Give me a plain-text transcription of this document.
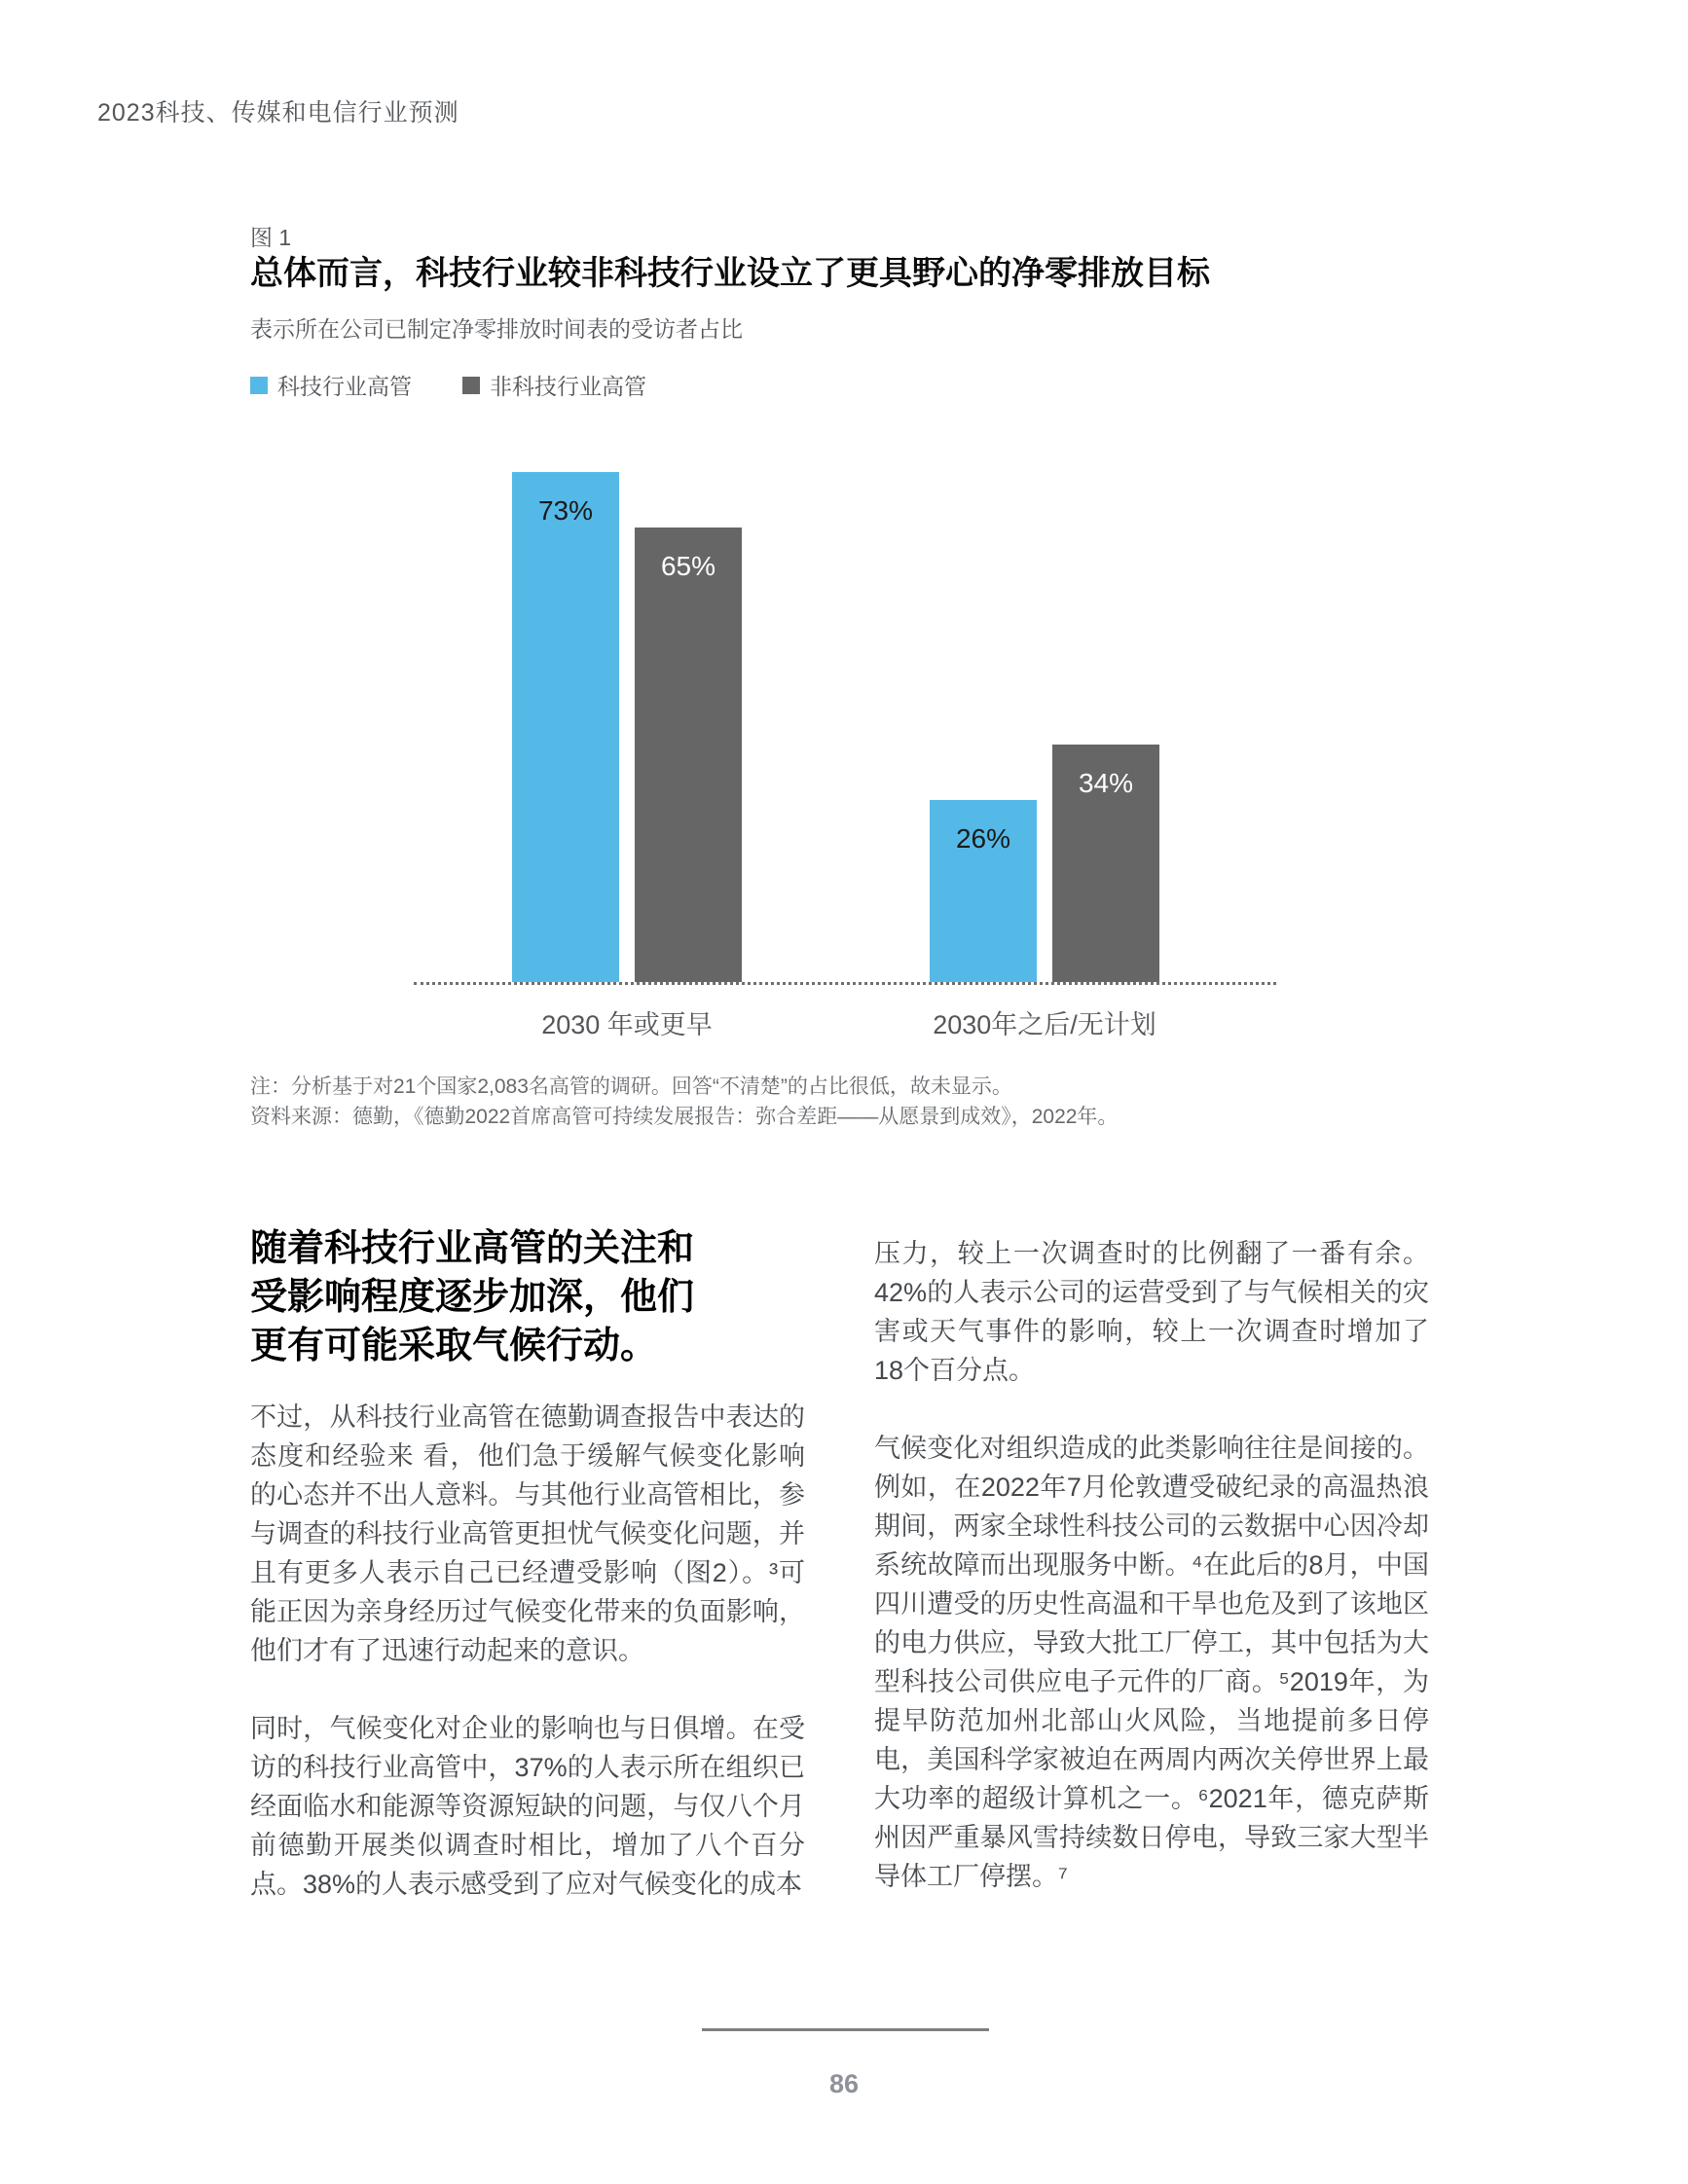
2023科技、传媒和电信行业预测
图 1
总体而言，科技行业较非科技行业设立了更具野心的净零排放目标
表示所在公司已制定净零排放时间表的受访者占比
科技行业高管	非科技行业高管
73%
65%
26%
34%
2030 年或更早	2030年之后/无计划
注：分析基于对21个国家2,083名高管的调研。回答“不清楚”的占比很低，故未显示。
资料来源：德勤，《德勤2022首席高管可持续发展报告：弥合差距——从愿景到成效》，2022年。
随着科技行业高管的关注和
受影响程度逐步加深，他们
更有可能采取气候行动。

不过，从科技行业高管在德勤调查报告中表达的态度和经验来 看，他们急于缓解气候变化影响的心态并不出人意料。与其他行业高管相比，参与调查的科技行业高管更担忧气候变化问题，并且有更多人表示自己已经遭受影响（图2）。³可能正因为亲身经历过气候变化带来的负面影响，他们才有了迅速行动起来的意识。

同时，气候变化对企业的影响也与日俱增。在受访的科技行业高管中，37%的人表示所在组织已经面临水和能源等资源短缺的问题，与仅八个月前德勤开展类似调查时相比，增加了八个百分点。38%的人表示感受到了应对气候变化的成本

压力，较上一次调查时的比例翻了一番有余。42%的人表示公司的运营受到了与气候相关的灾害或天气事件的影响，较上一次调查时增加了18个百分点。

气候变化对组织造成的此类影响往往是间接的。例如，在2022年7月伦敦遭受破纪录的高温热浪期间，两家全球性科技公司的云数据中心因冷却系统故障而出现服务中断。⁴在此后的8月，中国四川遭受的历史性高温和干旱也危及到了该地区的电力供应，导致大批工厂停工，其中包括为大型科技公司供应电子元件的厂商。⁵2019年，为提早防范加州北部山火风险，当地提前多日停电，美国科学家被迫在两周内两次关停世界上最大功率的超级计算机之一。⁶2021年，德克萨斯州因严重暴风雪持续数日停电，导致三家大型半导体工厂停摆。⁷

86
